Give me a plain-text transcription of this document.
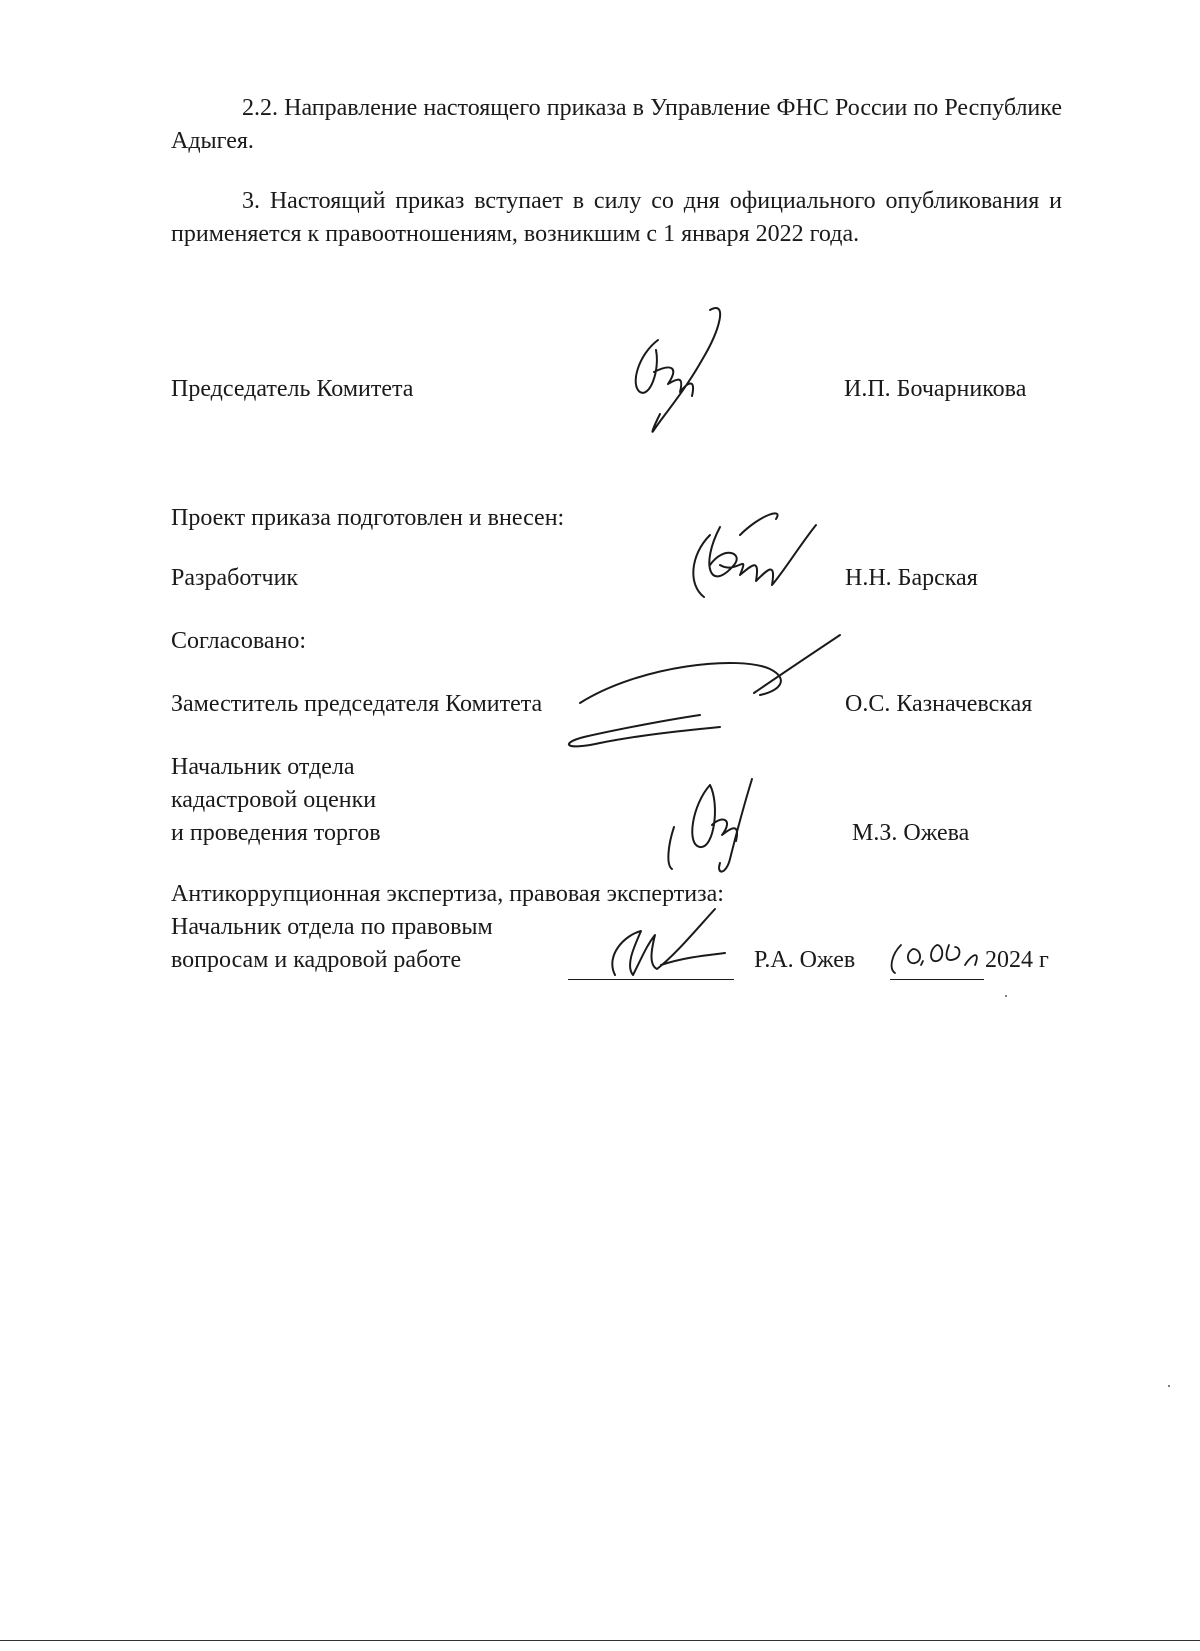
2.2. Направление настоящего приказа в Управление ФНС России по Республике Адыгея.
3. Настоящий приказ вступает в силу со дня официального опубликования и применяется к правоотношениям, возникшим с 1 января 2022 года.
Председатель Комитета	И.П. Бочарникова
Проект приказа подготовлен и внесен:
Разработчик	Н.Н. Барская
Согласовано:
Заместитель председателя Комитета	О.С. Казначевская
Начальник отдела
кадастровой оценки
и проведения торгов	М.З. Ожева
Антикоррупционная экспертиза, правовая экспертиза:
Начальник отдела по правовым
вопросам и кадровой работе	Р.А. Ожев	2024 г
